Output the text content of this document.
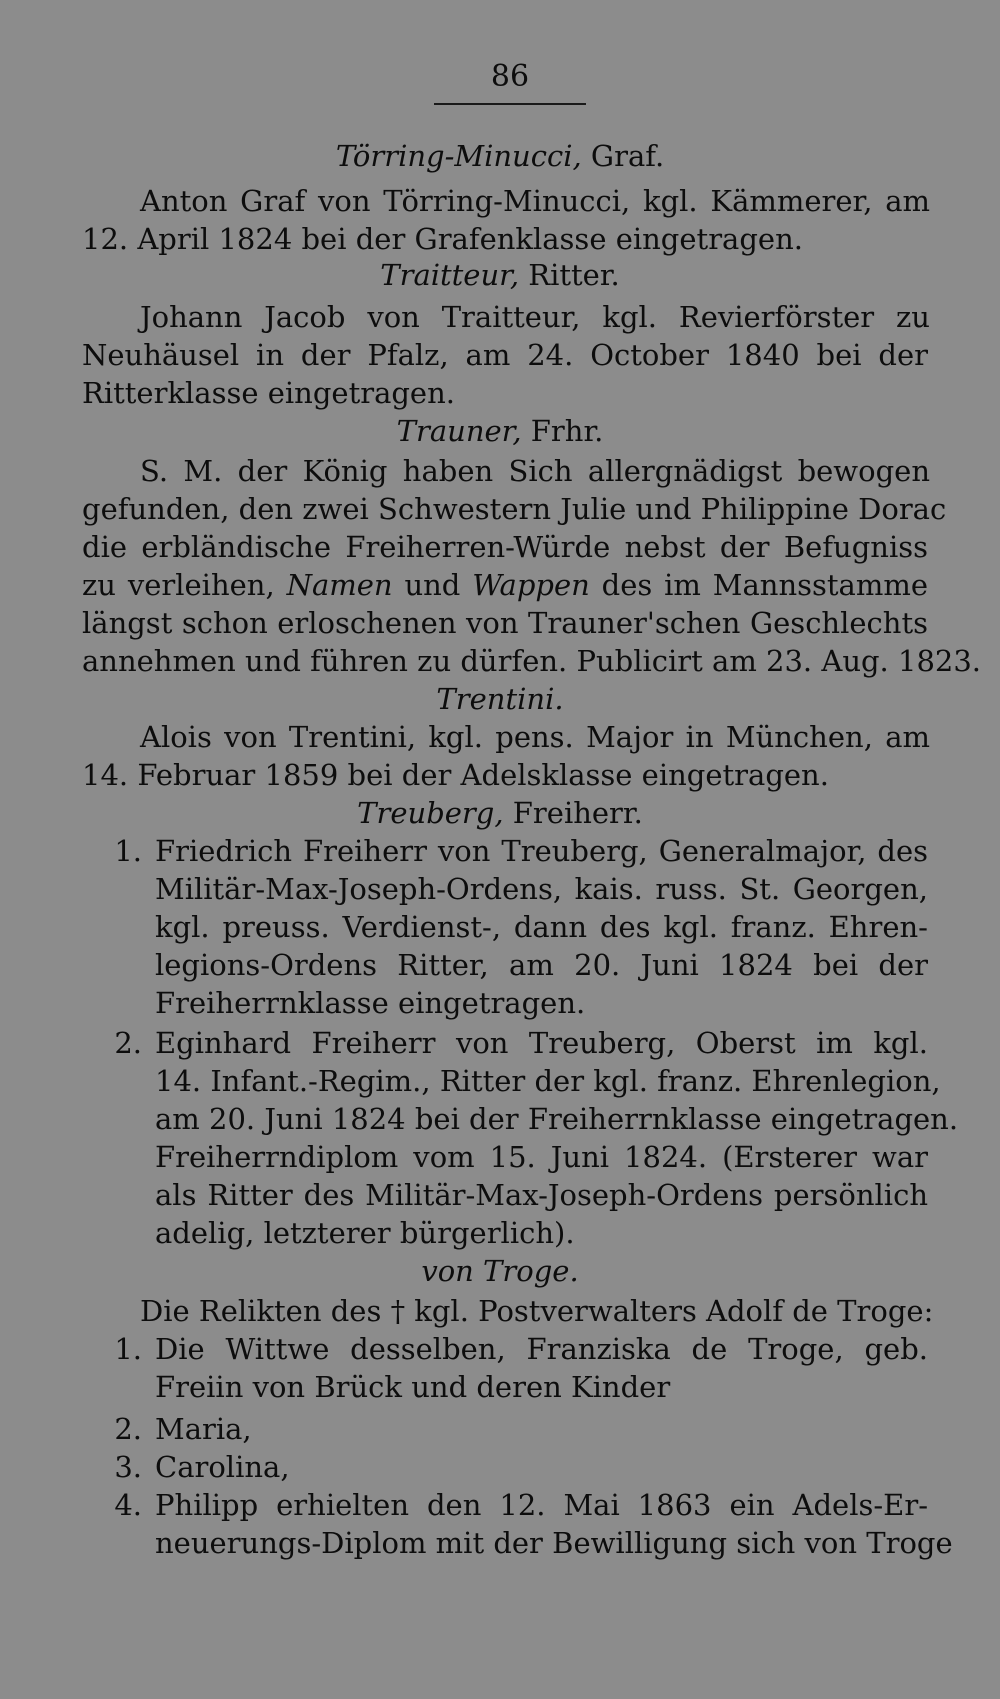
86
Törring-Minucci, Graf.
Anton Graf von Törring-Minucci, kgl. Kämmerer, am
12. April 1824 bei der Grafenklasse eingetragen.
Traitteur, Ritter.
Johann Jacob von Traitteur, kgl. Revierförster zu
Neuhäusel in der Pfalz, am 24. October 1840 bei der
Ritterklasse eingetragen.
Trauner, Frhr.
S. M. der König haben Sich allergnädigst bewogen
gefunden, den zwei Schwestern Julie und Philippine Dorac
die erbländische Freiherren-Würde nebst der Befugniss
zu verleihen, Namen und Wappen des im Mannsstamme
längst schon erloschenen von Trauner'schen Geschlechts
annehmen und führen zu dürfen. Publicirt am 23. Aug. 1823.
Trentini.
Alois von Trentini, kgl. pens. Major in München, am
14. Februar 1859 bei der Adelsklasse eingetragen.
Treuberg, Freiherr.
1. Friedrich Freiherr von Treuberg, Generalmajor, des
Militär-Max-Joseph-Ordens, kais. russ. St. Georgen,
kgl. preuss. Verdienst-, dann des kgl. franz. Ehren-
legions-Ordens Ritter, am 20. Juni 1824 bei der
Freiherrnklasse eingetragen.
2. Eginhard Freiherr von Treuberg, Oberst im kgl.
14. Infant.-Regim., Ritter der kgl. franz. Ehrenlegion,
am 20. Juni 1824 bei der Freiherrnklasse eingetragen.
Freiherrndiplom vom 15. Juni 1824. (Ersterer war
als Ritter des Militär-Max-Joseph-Ordens persönlich
adelig, letzterer bürgerlich).
von Troge.
Die Relikten des † kgl. Postverwalters Adolf de Troge:
1. Die Wittwe desselben, Franziska de Troge, geb.
Freiin von Brück und deren Kinder
2. Maria,
3. Carolina,
4. Philipp erhielten den 12. Mai 1863 ein Adels-Er-
neuerungs-Diplom mit der Bewilligung sich von Troge
